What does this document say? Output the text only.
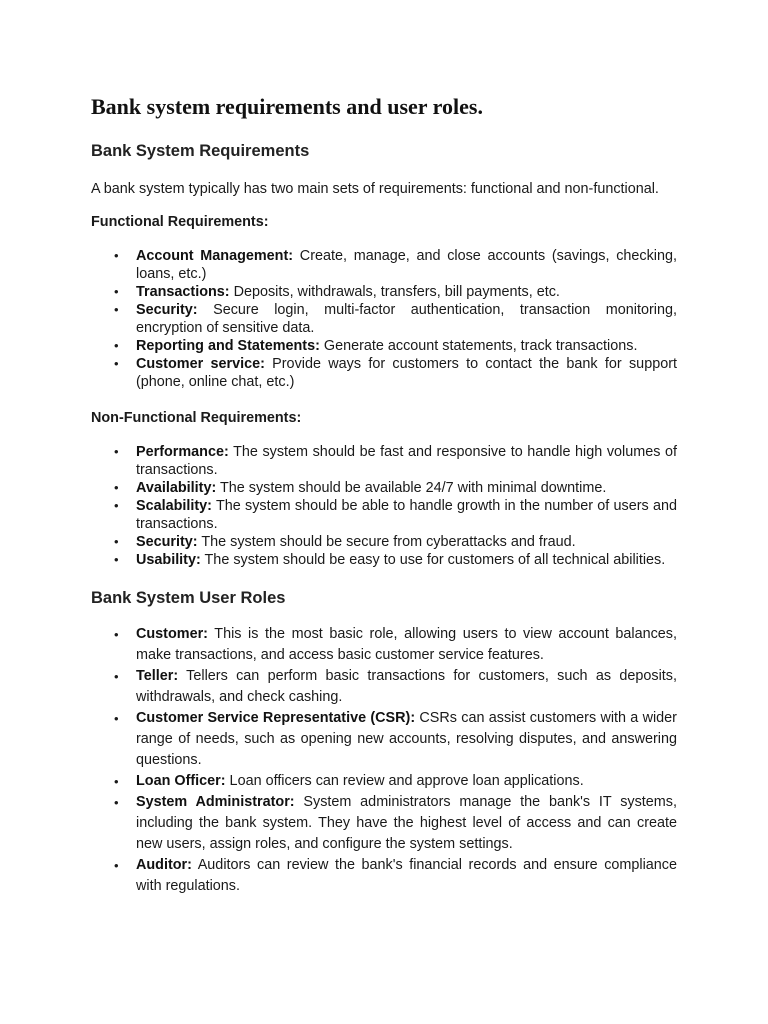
Bank system requirements and user roles.
Bank System Requirements

A bank system typically has two main sets of requirements: functional and non-functional.

Functional Requirements:

• Account Management: Create, manage, and close accounts (savings, checking, loans, etc.)
• Transactions: Deposits, withdrawals, transfers, bill payments, etc.
• Security: Secure login, multi-factor authentication, transaction monitoring, encryption of sensitive data.
• Reporting and Statements: Generate account statements, track transactions.
• Customer service: Provide ways for customers to contact the bank for support (phone, online chat, etc.)

Non-Functional Requirements:

• Performance: The system should be fast and responsive to handle high volumes of transactions.
• Availability: The system should be available 24/7 with minimal downtime.
• Scalability: The system should be able to handle growth in the number of users and transactions.
• Security: The system should be secure from cyberattacks and fraud.
• Usability: The system should be easy to use for customers of all technical abilities.
Bank System User Roles
• Customer: This is the most basic role, allowing users to view account balances, make transactions, and access basic customer service features.
• Teller: Tellers can perform basic transactions for customers, such as deposits, withdrawals, and check cashing.
• Customer Service Representative (CSR): CSRs can assist customers with a wider range of needs, such as opening new accounts, resolving disputes, and answering questions.
• Loan Officer: Loan officers can review and approve loan applications.
• System Administrator: System administrators manage the bank's IT systems, including the bank system. They have the highest level of access and can create new users, assign roles, and configure the system settings.
• Auditor: Auditors can review the bank's financial records and ensure compliance with regulations.
